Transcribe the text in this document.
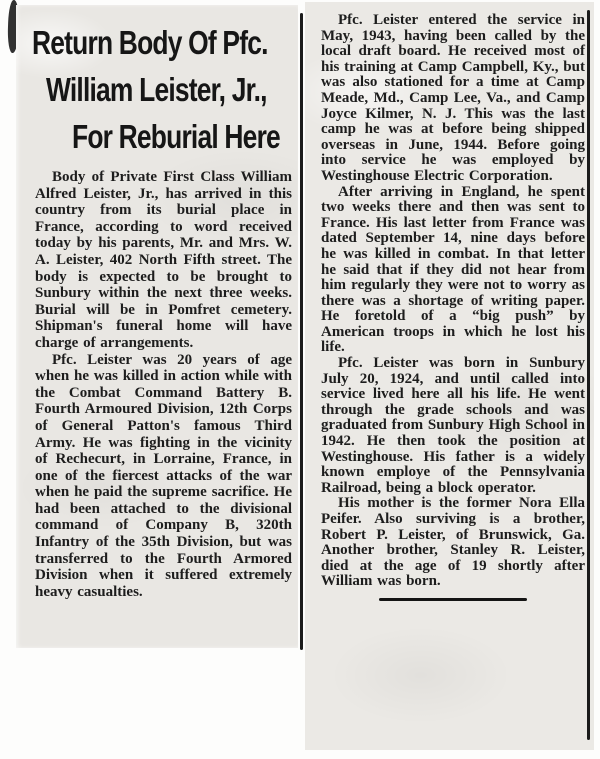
Return Body Of Pfc.
William Leister, Jr.,
For Reburial Here

Body of Private First Class William Alfred Leister, Jr., has arrived in this country from its burial place in France, according to word received today by his parents, Mr. and Mrs. W. A. Leister, 402 North Fifth street. The body is expected to be brought to Sunbury within the next three weeks. Burial will be in Pomfret cemetery. Shipman's funeral home will have charge of arrangements.

Pfc. Leister was 20 years of age when he was killed in action while with the Combat Command Battery B. Fourth Armoured Division, 12th Corps of General Patton's famous Third Army. He was fighting in the vicinity of Rechecurt, in Lorraine, France, in one of the fiercest attacks of the war when he paid the supreme sacrifice. He had been attached to the divisional command of Company B, 320th Infantry of the 35th Division, but was transferred to the Fourth Armored Division when it suffered extremely heavy casualties.

Pfc. Leister entered the service in May, 1943, having been called by the local draft board. He received most of his training at Camp Campbell, Ky., but was also stationed for a time at Camp Meade, Md., Camp Lee, Va., and Camp Joyce Kilmer, N. J. This was the last camp he was at before being shipped overseas in June, 1944. Before going into service he was employed by Westinghouse Electric Corporation.

After arriving in England, he spent two weeks there and then was sent to France. His last letter from France was dated September 14, nine days before he was killed in combat. In that letter he said that if they did not hear from him regularly they were not to worry as there was a shortage of writing paper. He foretold of a “big push” by American troops in which he lost his life.

Pfc. Leister was born in Sunbury July 20, 1924, and until called into service lived here all his life. He went through the grade schools and was graduated from Sunbury High School in 1942. He then took the position at Westinghouse. His father is a widely known employe of the Pennsylvania Railroad, being a block operator.

His mother is the former Nora Ella Peifer. Also surviving is a brother, Robert P. Leister, of Brunswick, Ga. Another brother, Stanley R. Leister, died at the age of 19 shortly after William was born.
